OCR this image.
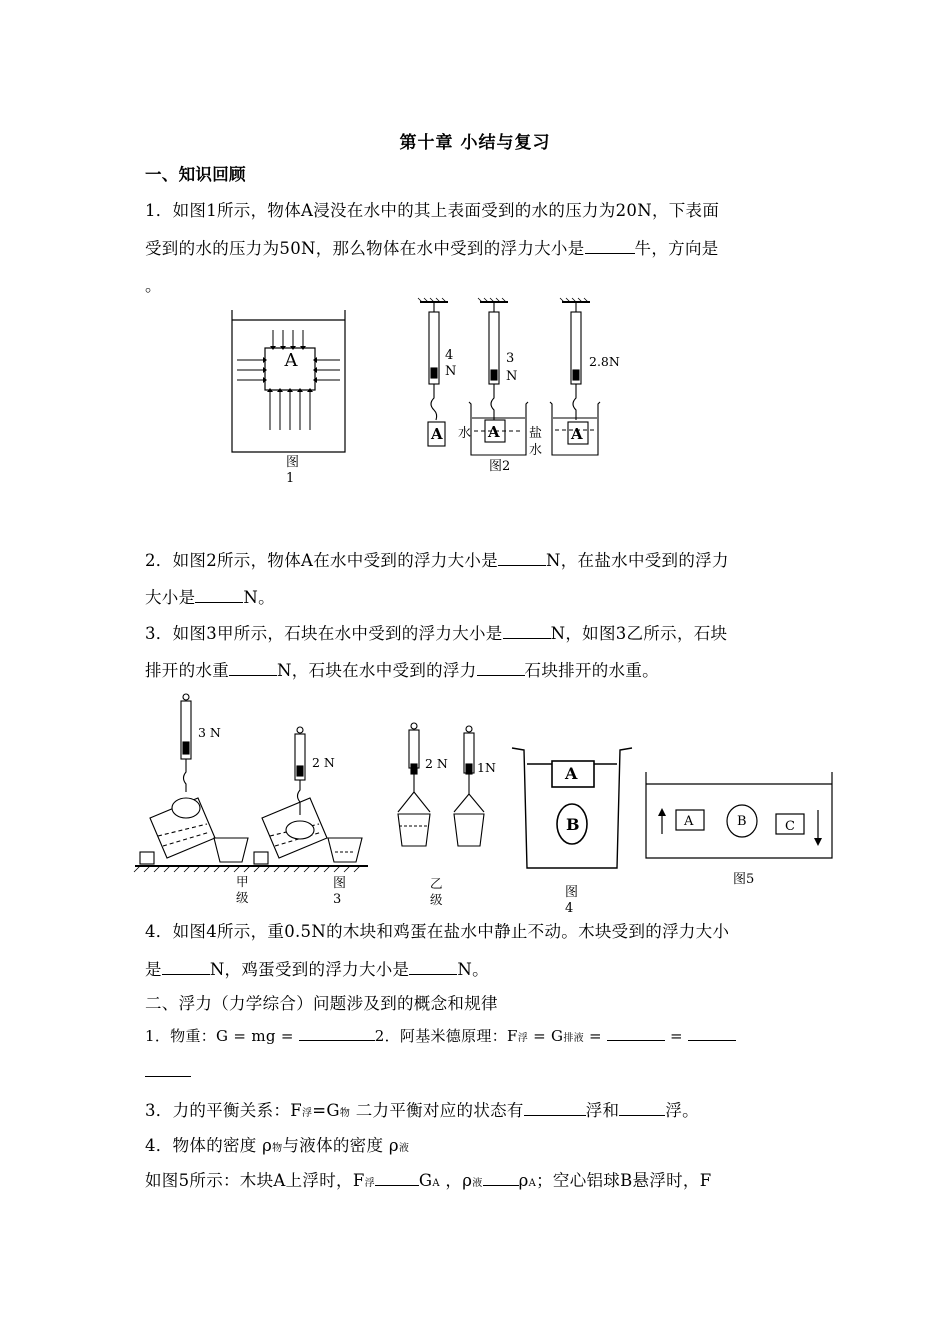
第十章 小结与复习
一、知识回顾
1．如图1所示，物体A浸没在水中的其上表面受到的水的压力为20N，下表面
受到的水的压力为50N，那么物体在水中受到的浮力大小是	牛，方向是
。
A
图
1
4
N
3
N
2.8N
A	A	A
水	盐
水
图2
2．如图2所示，物体A在水中受到的浮力大小是	N，在盐水中受到的浮力
大小是	N。
3．如图3甲所示，石块在水中受到的浮力大小是	N，如图3乙所示，石块
排开的水重	N，石块在水中受到的浮力	石块排开的水重。
3 N
2 N	2 N 1N
甲
级
图
3
乙
级
A
B
图
4
A	B	C
图5
4．如图4所示，重0.5N的木块和鸡蛋在盐水中静止不动。木块受到的浮力大小
是	N，鸡蛋受到的浮力大小是	N。
二、浮力（力学综合）问题涉及到的概念和规律
1．物重：G = mg =	2．阿基米德原理：F浮 = G排液 =	=
3．力的平衡关系：F浮=G物 二力平衡对应的状态有	浮和	浮。
4．物体的密度 ρ物与液体的密度 ρ液
如图5所示：木块A上浮时，F浮	GA ，ρ液 ρA；空心铝球B悬浮时，F
